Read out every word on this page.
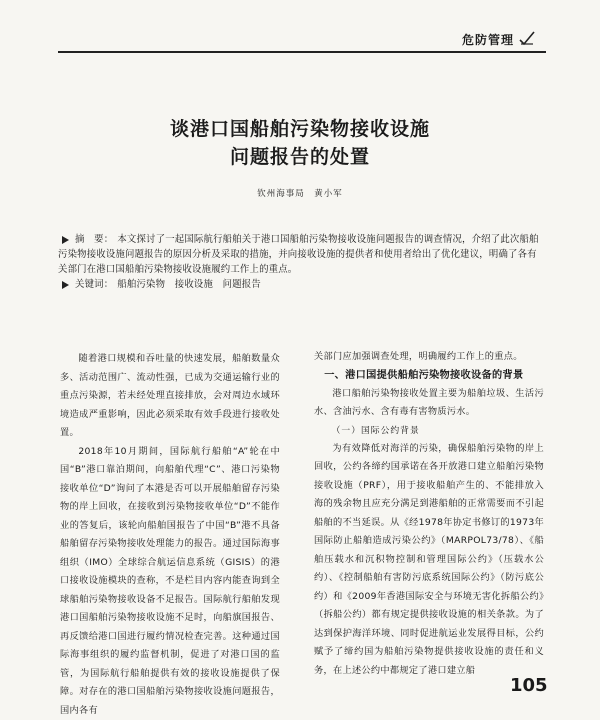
危防管理
谈港口国船舶污染物接收设施
问题报告的处置
钦州海事局　黄小军

摘　要： 本文探讨了一起国际航行船舶关于港口国船舶污染物接收设施问题报告的调查情况，介绍了此次船舶污染物接收设施问题报告的原因分析及采取的措施，并向接收设施的提供者和使用者给出了优化建议，明确了各有关部门在港口国船舶污染物接收设施履约工作上的重点。

关键词： 船舶污染物　接收设施　问题报告

随着港口规模和吞吐量的快速发展，船舶数量众多、活动范围广、流动性强，已成为交通运输行业的重点污染源，若未经处理直接排放，会对周边水域环境造成严重影响，因此必须采取有效手段进行接收处置。

2018年10月期间，国际航行船舶“A”轮在中国“B”港口靠泊期间，向船舶代理“C”、港口污染物接收单位“D”询问了本港是否可以开展船舶留存污染物的岸上回收，在接收到污染物接收单位“D”不能作业的答复后，该轮向船舶国报告了中国“B”港不具备船舶留存污染物接收处理能力的报告。通过国际海事组织（IMO）全球综合航运信息系统（GISIS）的港口接收设施模块的查称，不是栏目内容内能查询到全球船舶污染物接收设备不足报告。国际航行船舶发现港口国船舶污染物接收设施不足时，向船旗国报告、再反馈给港口国进行履约情况检查完善。这种通过国际海事组织的履约监督机制，促进了对港口国的监管，为国际航行船舶提供有效的接收设施提供了保障。对存在的港口国船舶污染物接收设施问题报告，国内各有

关部门应加强调查处理，明确履约工作上的重点。

一、港口国提供船舶污染物接收设备的背景

港口船舶污染物接收处置主要为船舶垃圾、生活污水、含油污水、含有毒有害物质污水。

（一）国际公约背景

为有效降低对海洋的污染，确保船舶污染物的岸上回收，公约各缔约国承诺在各开放港口建立船舶污染物接收设施（PRF），用于接收船舶产生的、不能排放入海的残余物且应充分满足到港船舶的正常需要而不引起船舶的不当延误。从《经1978年协定书修订的1973年国际防止船舶造成污染公约》（MARPOL73/78）、《船舶压载水和沉积物控制和管理国际公约》（压载水公约）、《控制船舶有害防污底系统国际公约》（防污底公约）和《2009年香港国际安全与环境无害化拆船公约》（拆船公约）都有规定提供接收设施的相关条款。为了达到保护海洋环境、同时促进航运业发展得目标，公约赋予了缔约国为船舶污染物提供接收设施的责任和义务，在上述公约中都规定了港口建立船

105
